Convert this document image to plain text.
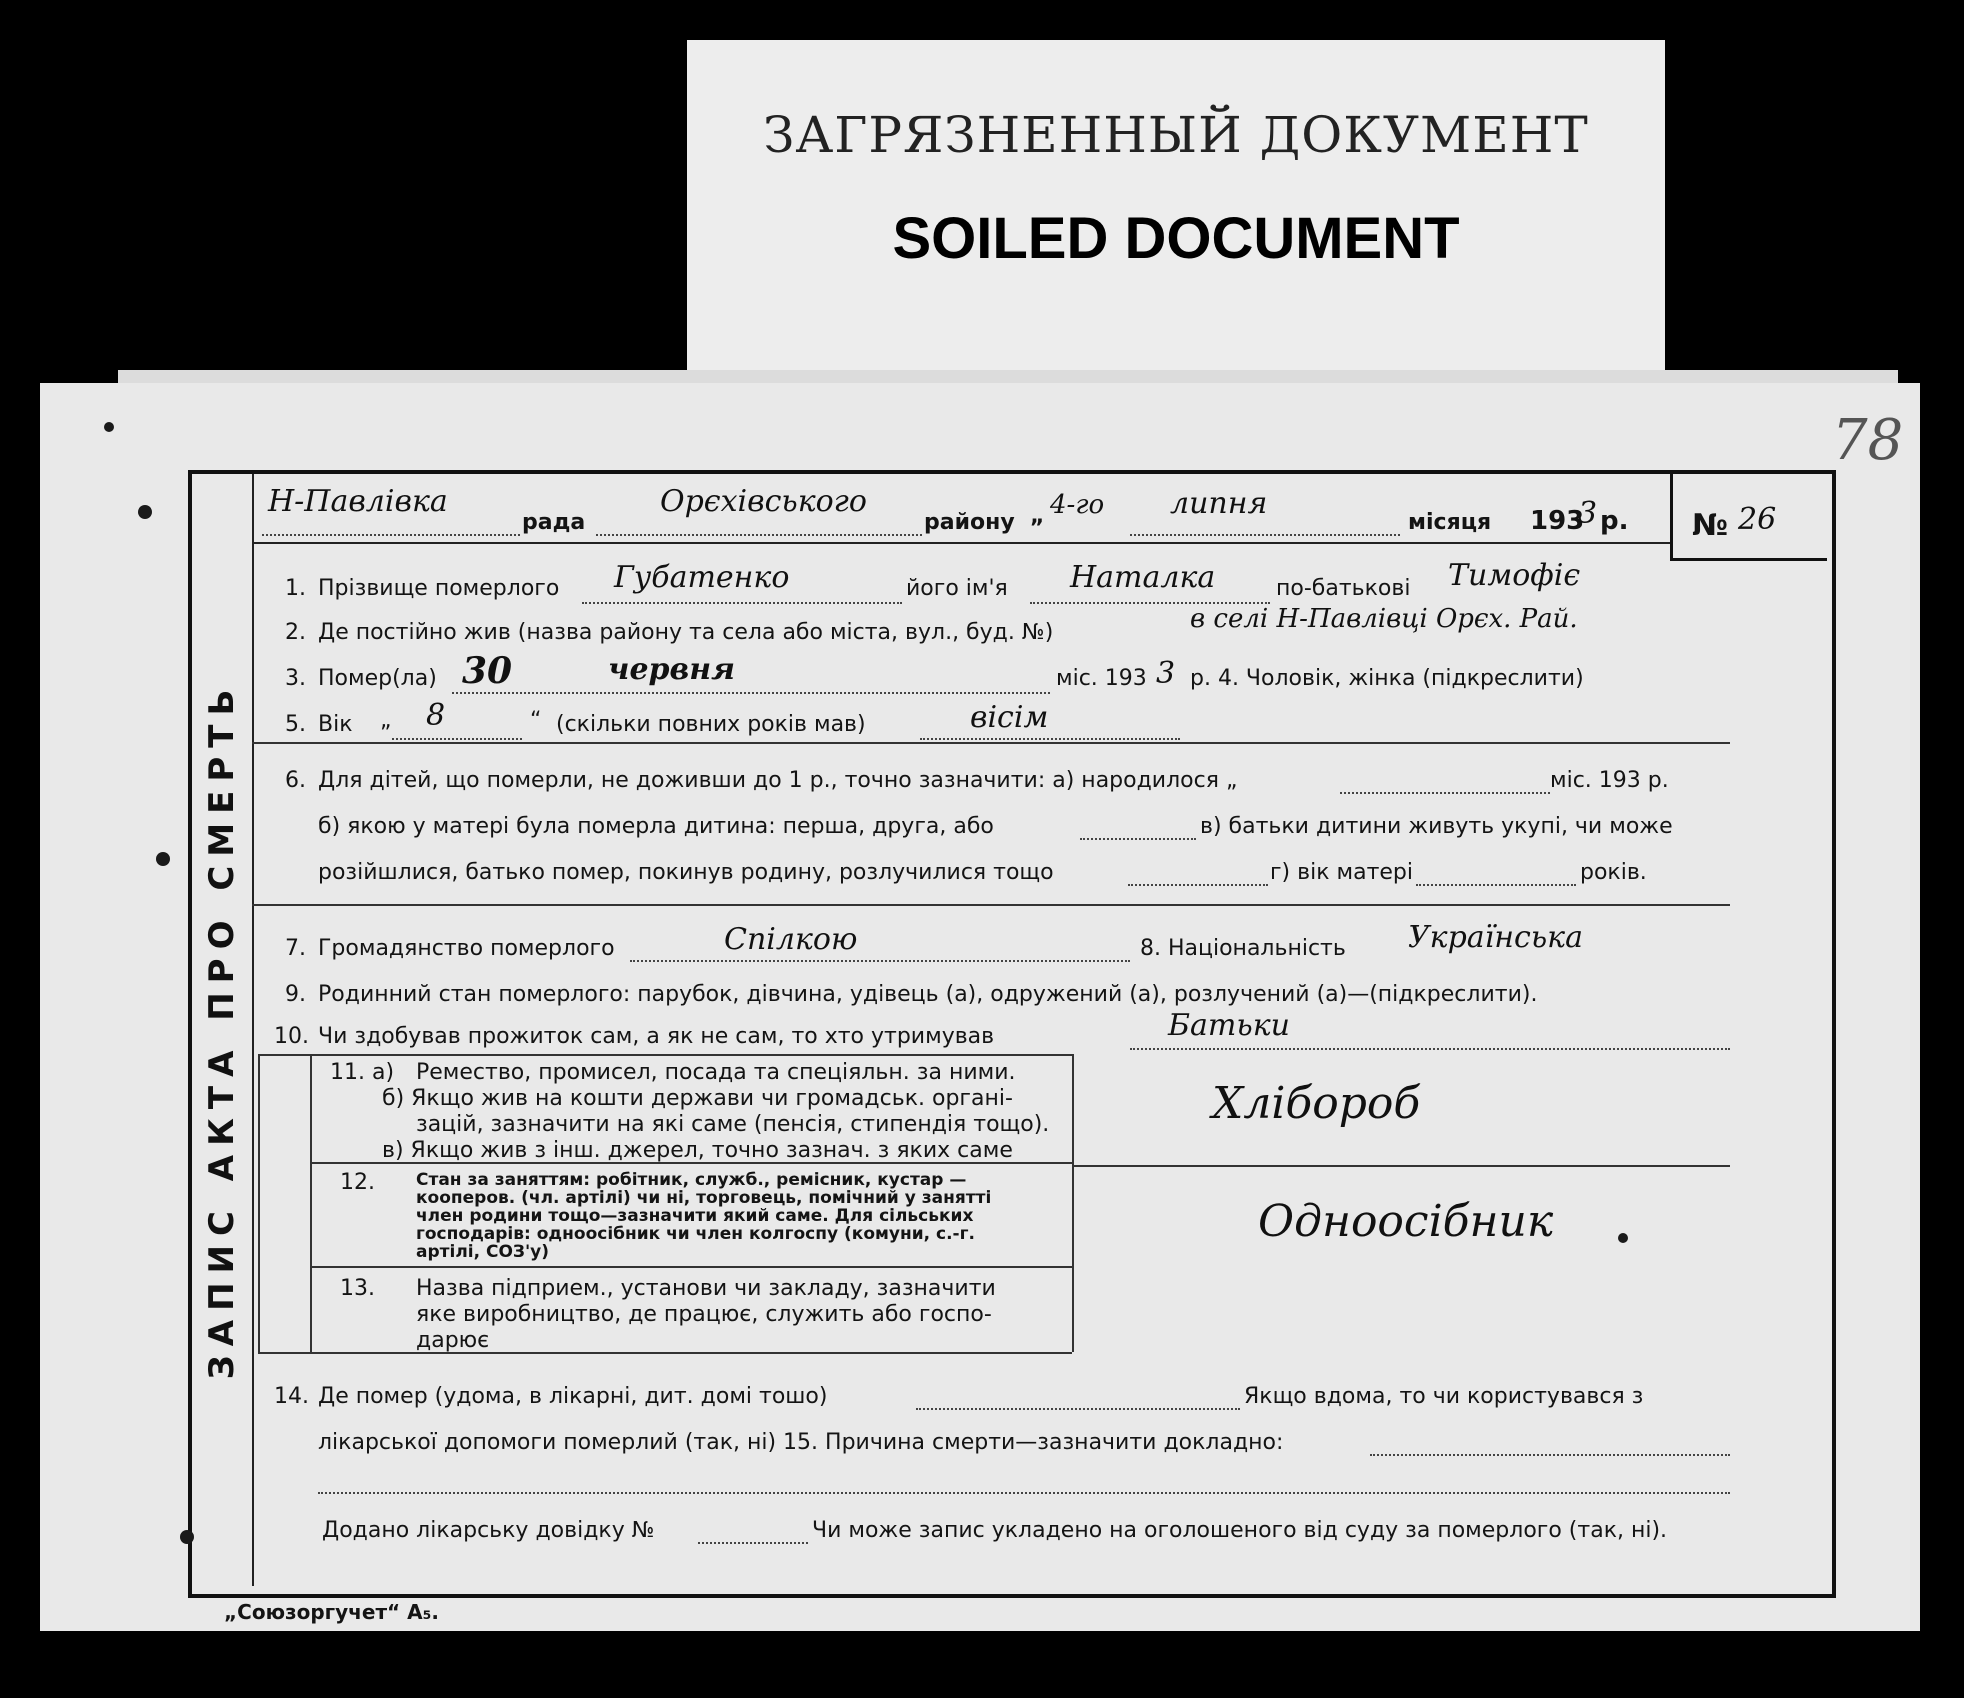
ЗАГРЯЗНЕННЫЙ ДОКУМЕНТ
SOILED DOCUMENT
ЗАПИС АКТА ПРО СМЕРТЬ
Н-Павлівка
рада
Орєхівського
району „ 4-го липня
місяця 193
3 р. № 26
78
1. Прізвище померлого Губатенко	його ім'я Наталка	по-батькові Тимофіє
2. Де постійно жив (назва району та села або міста, вул., буд. №)	в селі Н-Павлівці Орєх. Рай.
3. Помер(ла) 30	червня	міс. 193 3 р. 4. Чоловік, жінка (підкреслити)
5. Вік „ 8	“ (скільки повних років мав)	вісім
6. Для дітей, що померли, не доживши до 1 р., точно зазначити: а) народилося „	міс. 193 р.
б) якою у матері була померла дитина: перша, друга, або	в) батьки дитини живуть укупі, чи може
розійшлися, батько помер, покинув родину, розлучилися тощо	г) вік матері	років.
7. Громадянство померлого	Спілкою	8. Національність Українська
9. Родинний стан померлого: парубок, дівчина, удівець (а), одружений (а), розлучений (а)—(підкреслити).
10. Чи здобував прожиток сам, а як не сам, то хто утримував	Батьки
11. а) Ремество, промисел, посада та спеціяльн. за ними.
б) Якщо жив на кошти держави чи громадськ. органі-
зацій, зазначити на які саме (пенсія, стипендія тощо).
в) Якщо жив з інш. джерел, точно зазнач. з яких саме
Хлібороб
12. Стан за заняттям: робітник, служб., ремісник, кустар —
кооперов. (чл. артілі) чи ні, торговець, помічний у занятті
член родини тощо—зазначити який саме. Для сільських
господарів: одноосібник чи член колгоспу (комуни, с.-г.
артілі, СОЗ'у)
Одноосібник
13. Назва підприем., установи чи закладу, зазначити
яке виробництво, де працює, служить або госпо-
дарює
14. Де помер (удома, в лікарні, дит. домі тошо)	Якщо вдома, то чи користувався з
лікарської допомоги померлий (так, ні) 15. Причина смерти—зазначити докладно:
Додано лікарську довідку №	Чи може запис укладено на оголошеного від суду за померлого (так, ні).
„Союзоргучет“ А₅.
